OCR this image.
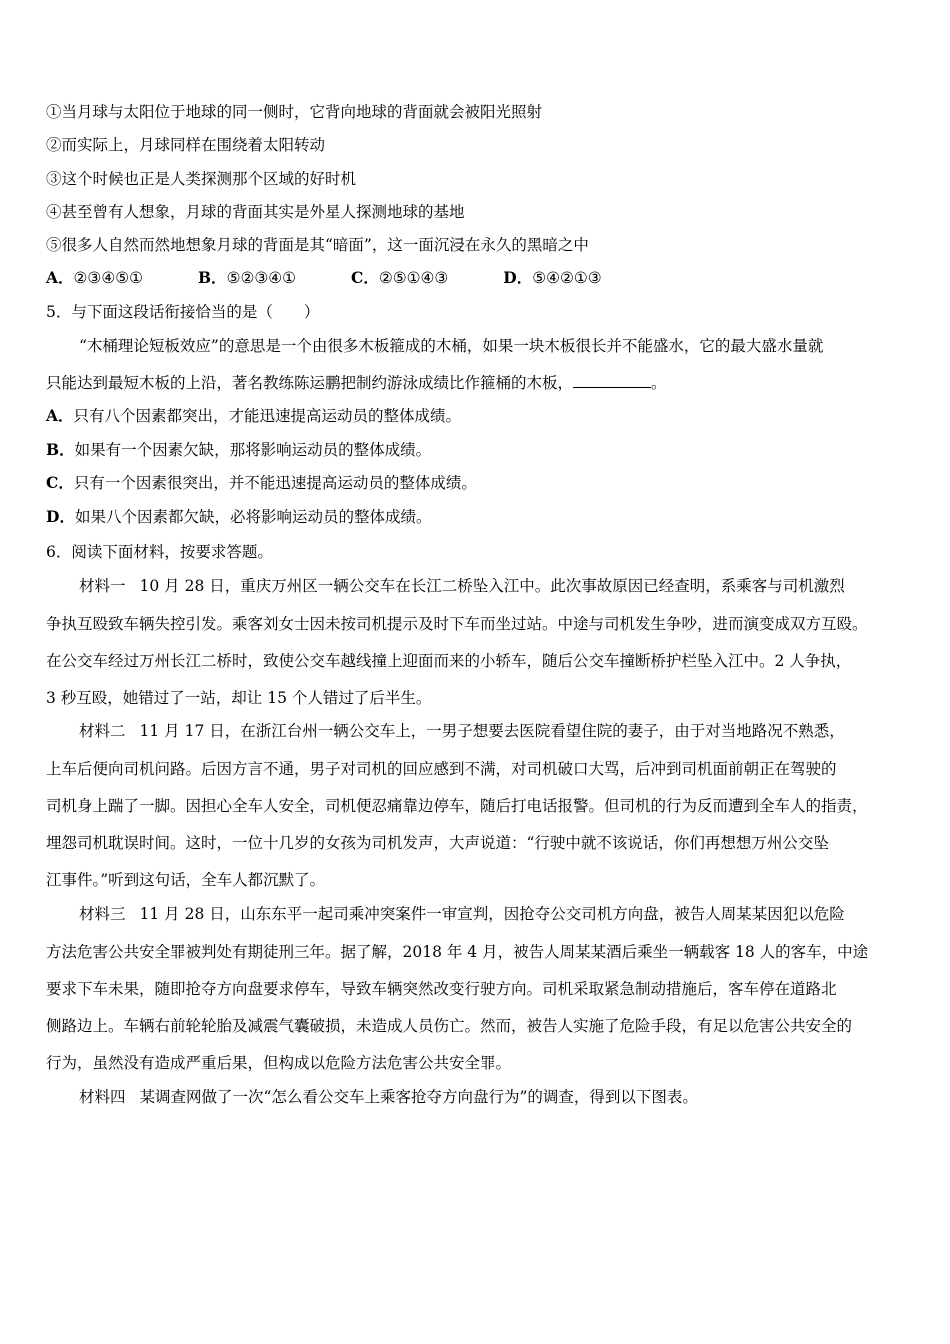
①当月球与太阳位于地球的同一侧时，它背向地球的背面就会被阳光照射
②而实际上，月球同样在围绕着太阳转动
③这个时候也正是人类探测那个区域的好时机
④甚至曾有人想象，月球的背面其实是外星人探测地球的基地
⑤很多人自然而然地想象月球的背面是其“暗面”，这一面沉浸在永久的黑暗之中
A．②③④⑤①	B．⑤②③④①	C．②⑤①④③	D．⑤④②①③
5．与下面这段话衔接恰当的是（　　）
“木桶理论短板效应”的意思是一个由很多木板箍成的木桶，如果一块木板很长并不能盛水，它的最大盛水量就
只能达到最短木板的上沿，著名教练陈运鹏把制约游泳成绩比作箍桶的木板，	。
A．只有八个因素都突出，才能迅速提高运动员的整体成绩。
B．如果有一个因素欠缺，那将影响运动员的整体成绩。
C．只有一个因素很突出，并不能迅速提高运动员的整体成绩。
D．如果八个因素都欠缺，必将影响运动员的整体成绩。
6．阅读下面材料，按要求答题。
材料一 10 月 28 日，重庆万州区一辆公交车在长江二桥坠入江中。此次事故原因已经查明，系乘客与司机激烈
争执互殴致车辆失控引发。乘客刘女士因未按司机提示及时下车而坐过站。中途与司机发生争吵，进而演变成双方互殴。
在公交车经过万州长江二桥时，致使公交车越线撞上迎面而来的小轿车，随后公交车撞断桥护栏坠入江中。2 人争执，
3 秒互殴，她错过了一站，却让 15 个人错过了后半生。
材料二 11 月 17 日，在浙江台州一辆公交车上，一男子想要去医院看望住院的妻子，由于对当地路况不熟悉，
上车后便向司机问路。后因方言不通，男子对司机的回应感到不满，对司机破口大骂，后冲到司机面前朝正在驾驶的
司机身上踹了一脚。因担心全车人安全，司机便忍痛靠边停车，随后打电话报警。但司机的行为反而遭到全车人的指责，
埋怨司机耽误时间。这时，一位十几岁的女孩为司机发声，大声说道：“行驶中就不该说话，你们再想想万州公交坠
江事件。”听到这句话，全车人都沉默了。
材料三 11 月 28 日，山东东平一起司乘冲突案件一审宣判，因抢夺公交司机方向盘，被告人周某某因犯以危险
方法危害公共安全罪被判处有期徒刑三年。据了解，2018 年 4 月，被告人周某某酒后乘坐一辆载客 18 人的客车，中途
要求下车未果，随即抢夺方向盘要求停车，导致车辆突然改变行驶方向。司机采取紧急制动措施后，客车停在道路北
侧路边上。车辆右前轮轮胎及减震气囊破损，未造成人员伤亡。然而，被告人实施了危险手段，有足以危害公共安全的
行为，虽然没有造成严重后果，但构成以危险方法危害公共安全罪。
材料四 某调查网做了一次“怎么看公交车上乘客抢夺方向盘行为”的调查，得到以下图表。
